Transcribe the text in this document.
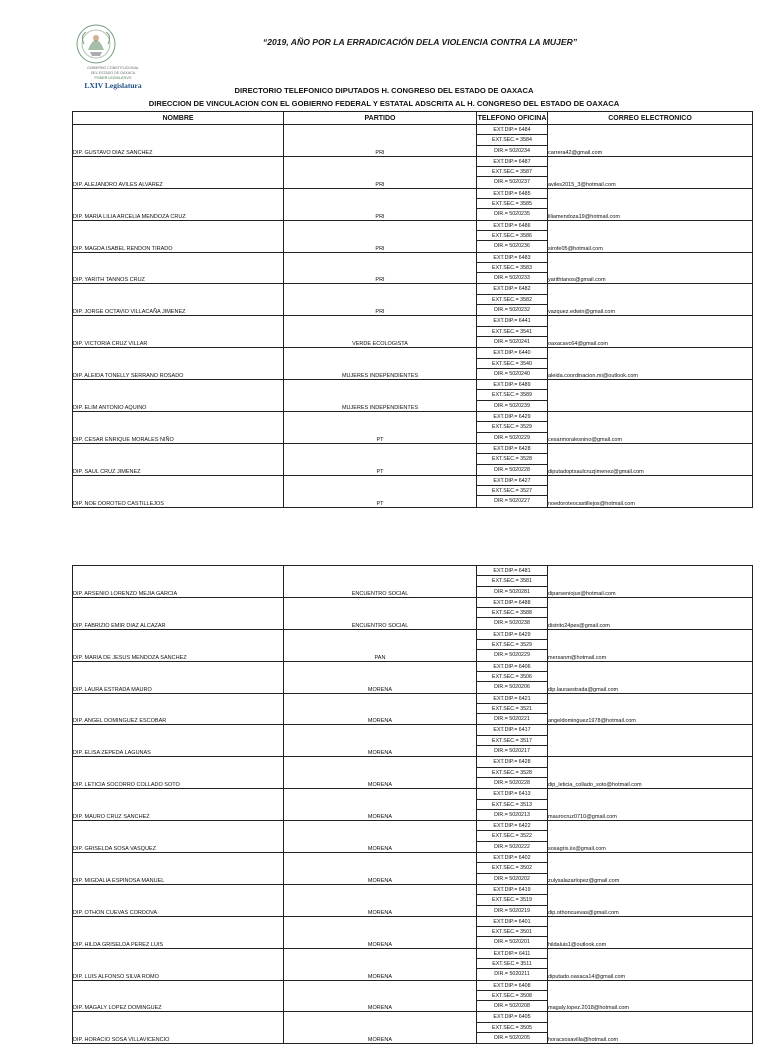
GOBIERNO CONSTITUCIONAL
DEL ESTADO DE OAXACA
PODER LEGISLATIVO
LXIV Legislatura
“2019, AÑO POR LA ERRADICACIÓN DELA VIOLENCIA CONTRA LA MUJER”
DIRECTORIO TELEFONICO DIPUTADOS H. CONGRESO DEL ESTADO DE OAXACA
DIRECCION DE VINCULACION CON EL GOBIERNO FEDERAL Y ESTATAL ADSCRITA AL H. CONGRESO DEL ESTADO DE OAXACA
NOMBRE	PARTIDO	TELEFONO OFICINA	CORREO ELECTRONICO
DIP. GUSTAVO DIAZ SANCHEZ	PRI	EXT.DIP.= 6484
EXT.SEC.= 3584
DIR.= 5020234	carrera42@gmail.com
DIP. ALEJANDRO AVILES ALVAREZ	PRI	EXT.DIP.= 6487
EXT.SEC.= 3587
DIR.= 5020237	aviles2015_3@hotmail.com
DIP. MARIA LILIA ARCELIA MENDOZA CRUZ	PRI	EXT.DIP.= 6485
EXT.SEC.= 3585
DIR.= 5020235	liliamendoza19@hotmail.com
DIP. MAGDA ISABEL RENDON TIRADO	PRI	EXT.DIP.= 6486
EXT.SEC.= 3586
DIR.= 5020236	sirofe05@hotmail.com
DIP. YARITH TANNOS CRUZ	PRI	EXT.DIP.= 6483
EXT.SEC.= 3583
DIR.= 5020233	yarithtanos@gmail.com
DIP. JORGE OCTAVIO VILLACAÑA JIMENEZ	PRI	EXT.DIP.= 6482
EXT.SEC.= 3582
DIR.= 5020232	vazquez.edwin@gmail.com
DIP. VICTORIA CRUZ VILLAR	VERDE ECOLOGISTA	EXT.DIP.= 6441
EXT.SEC.= 3541
DIR.= 5020241	oaxacavc64@gmail.com
DIP. ALEIDA TONELLY SERRANO ROSADO	MUJERES INDEPENDIENTES	EXT.DIP.= 6440
EXT.SEC.= 3540
DIR.= 5020240	aleida.coordinacion.mi@outlook.com
DIP. ELIM ANTONIO AQUINO	MUJERES INDEPENDIENTES	EXT.DIP.= 6489
EXT.SEC.= 3589
DIR.= 5020239	

DIP. CESAR ENRIQUE MORALES NIÑO	PT	EXT.DIP.= 6429
EXT.SEC.= 3529
DIR.= 5020229	cesarmoralesnino@gmail.com
DIP. SAUL CRUZ JIMENEZ	PT	EXT.DIP.= 6428
EXT.SEC.= 3528
DIR.= 5020228	diputadoptsaulcruzjimenez@gmail.com
DIP. NOE DOROTEO CASTILLEJOS	PT	EXT.DIP.= 6427
EXT.SEC.= 3527
DIR.= 5020227	noedoroteocastillejos@hotmail.com
DIP. ARSENIO LORENZO MEJIA GARCIA	ENCUENTRO SOCIAL	EXT.DIP.= 6481
EXT.SEC.= 3581
DIR.= 5020281	diparseniojux@hotmail.com
DIP. FABRIZIO EMIR DIAZ ALCAZAR	ENCUENTRO SOCIAL	EXT.DIP.= 6488
EXT.SEC.= 3588
DIR.= 5020238	distrito24pes@gmail.com
DIP. MARIA DE JESUS MENDOZA SANCHEZ	PAN	EXT.DIP.= 6429
EXT.SEC.= 3529
DIR.= 5020229	mersanm@hotmail.com
DIP. LAURA ESTRADA MAURO	MORENA	EXT.DIP.= 6406
EXT.SEC.= 3506
DIR.= 5020206	dip.lauraestrada@gmail.com
DIP. ANGEL DOMINGUEZ ESCOBAR	MORENA	EXT.DIP.= 6421
EXT.SEC.= 3521
DIR.= 5020221	angeldominguez1978@hotmail.com
DIP. ELISA ZEPEDA LAGUNAS	MORENA	EXT.DIP.= 6417
EXT.SEC.= 3517
DIR.= 5020217	

DIP. LETICIA SOCORRO COLLADO SOTO	MORENA	EXT.DIP.= 6428
EXT.SEC.= 3528
DIR.= 5020228	dip_leticia_collado_soto@hotmail.com
DIP. MAURO CRUZ SANCHEZ	MORENA	EXT.DIP.= 6413
EXT.SEC.= 3513
DIR.= 5020213	maurocruz0710@gmail.com
DIP. GRISELDA SOSA VASQUEZ	MORENA	EXT.DIP.= 6422
EXT.SEC.= 3522
DIR.= 5020222	sosagris.iix@gmail.com
DIP. MIGDALIA ESPINOSA MANUEL	MORENA	EXT.DIP.= 6402
EXT.SEC.= 3502
DIR.= 5020202	zulysalazarlopez@gmail.com
DIP. OTHON CUEVAS CORDOVA	MORENA	EXT.DIP.= 6419
EXT.SEC.= 3519
DIR.= 5020219	dip.othoncuevas@gmail.com
DIP. HILDA GRISELDA PEREZ LUIS	MORENA	EXT.DIP.= 6401
EXT.SEC.= 3501
DIR.= 5020201	hildaluis1@outlook.com
DIP. LUIS ALFONSO SILVA ROMO	MORENA	EXT.DIP.= 6411
EXT.SEC.= 3511
DIR.= 5020211	diputado.oaxaca14@gmail.com
DIP. MAGALY LOPEZ DOMINGUEZ	MORENA	EXT.DIP.= 6408
EXT.SEC.= 3508
DIR.= 5020208	magaly.lopez.2018@hotmail.com
DIP. HORACIO SOSA VILLAVICENCIO	MORENA	EXT.DIP.= 6405
EXT.SEC.= 3505
DIR.= 5020205	horacsosavilla@hotmail.com
